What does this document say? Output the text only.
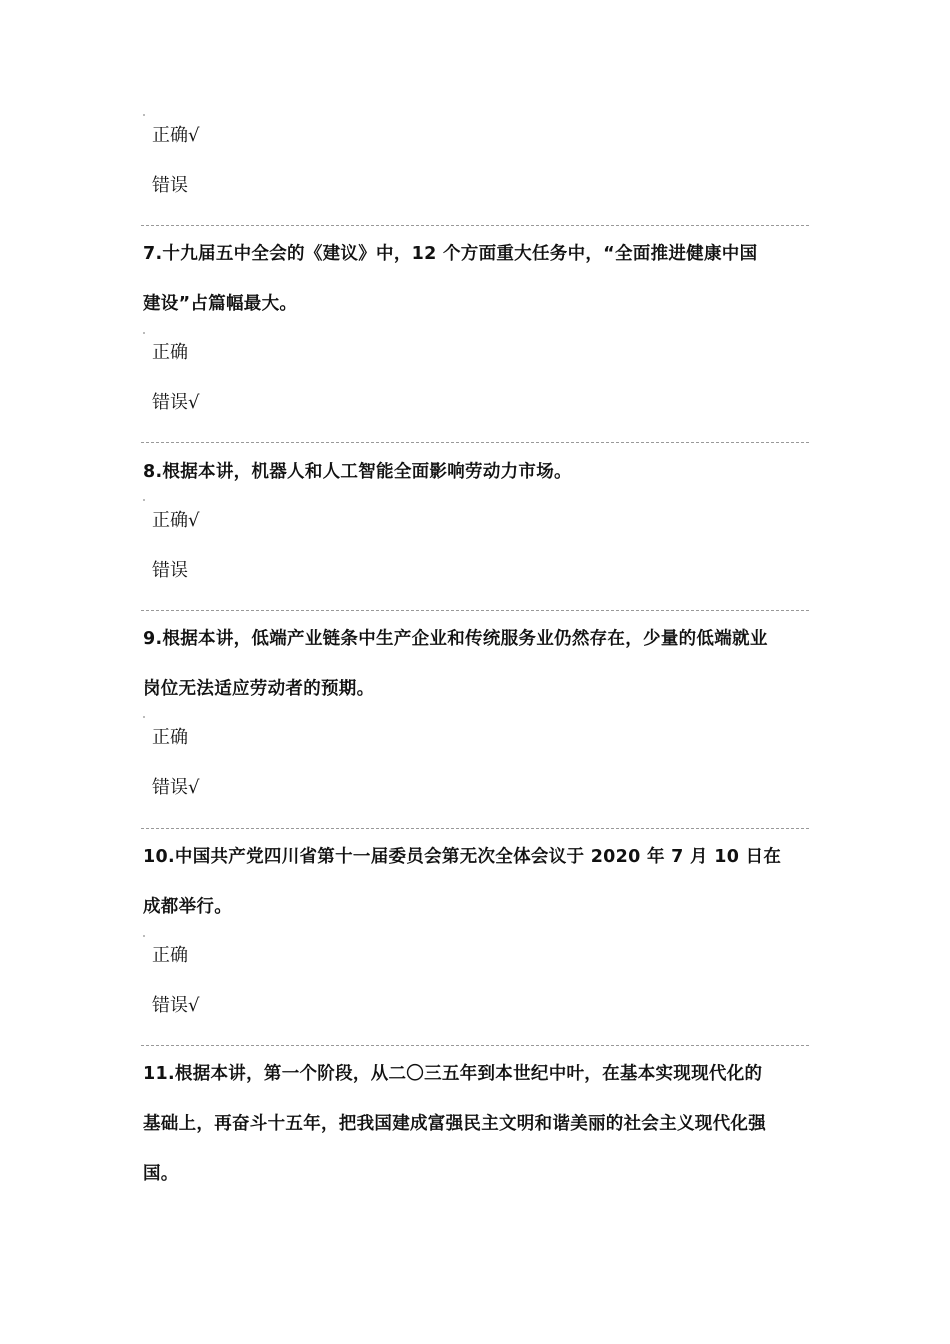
正确√
错误
7.十九届五中全会的《建议》中，12 个方面重大任务中，“全面推进健康中国
建设”占篇幅最大。
正确
错误√
8.根据本讲，机器人和人工智能全面影响劳动力市场。
正确√
错误
9.根据本讲，低端产业链条中生产企业和传统服务业仍然存在，少量的低端就业
岗位无法适应劳动者的预期。
正确
错误√
10.中国共产党四川省第十一届委员会第无次全体会议于 2020 年 7 月 10 日在
成都举行。
正确
错误√
11.根据本讲，第一个阶段，从二〇三五年到本世纪中叶，在基本实现现代化的
基础上，再奋斗十五年，把我国建成富强民主文明和谐美丽的社会主义现代化强
国。
